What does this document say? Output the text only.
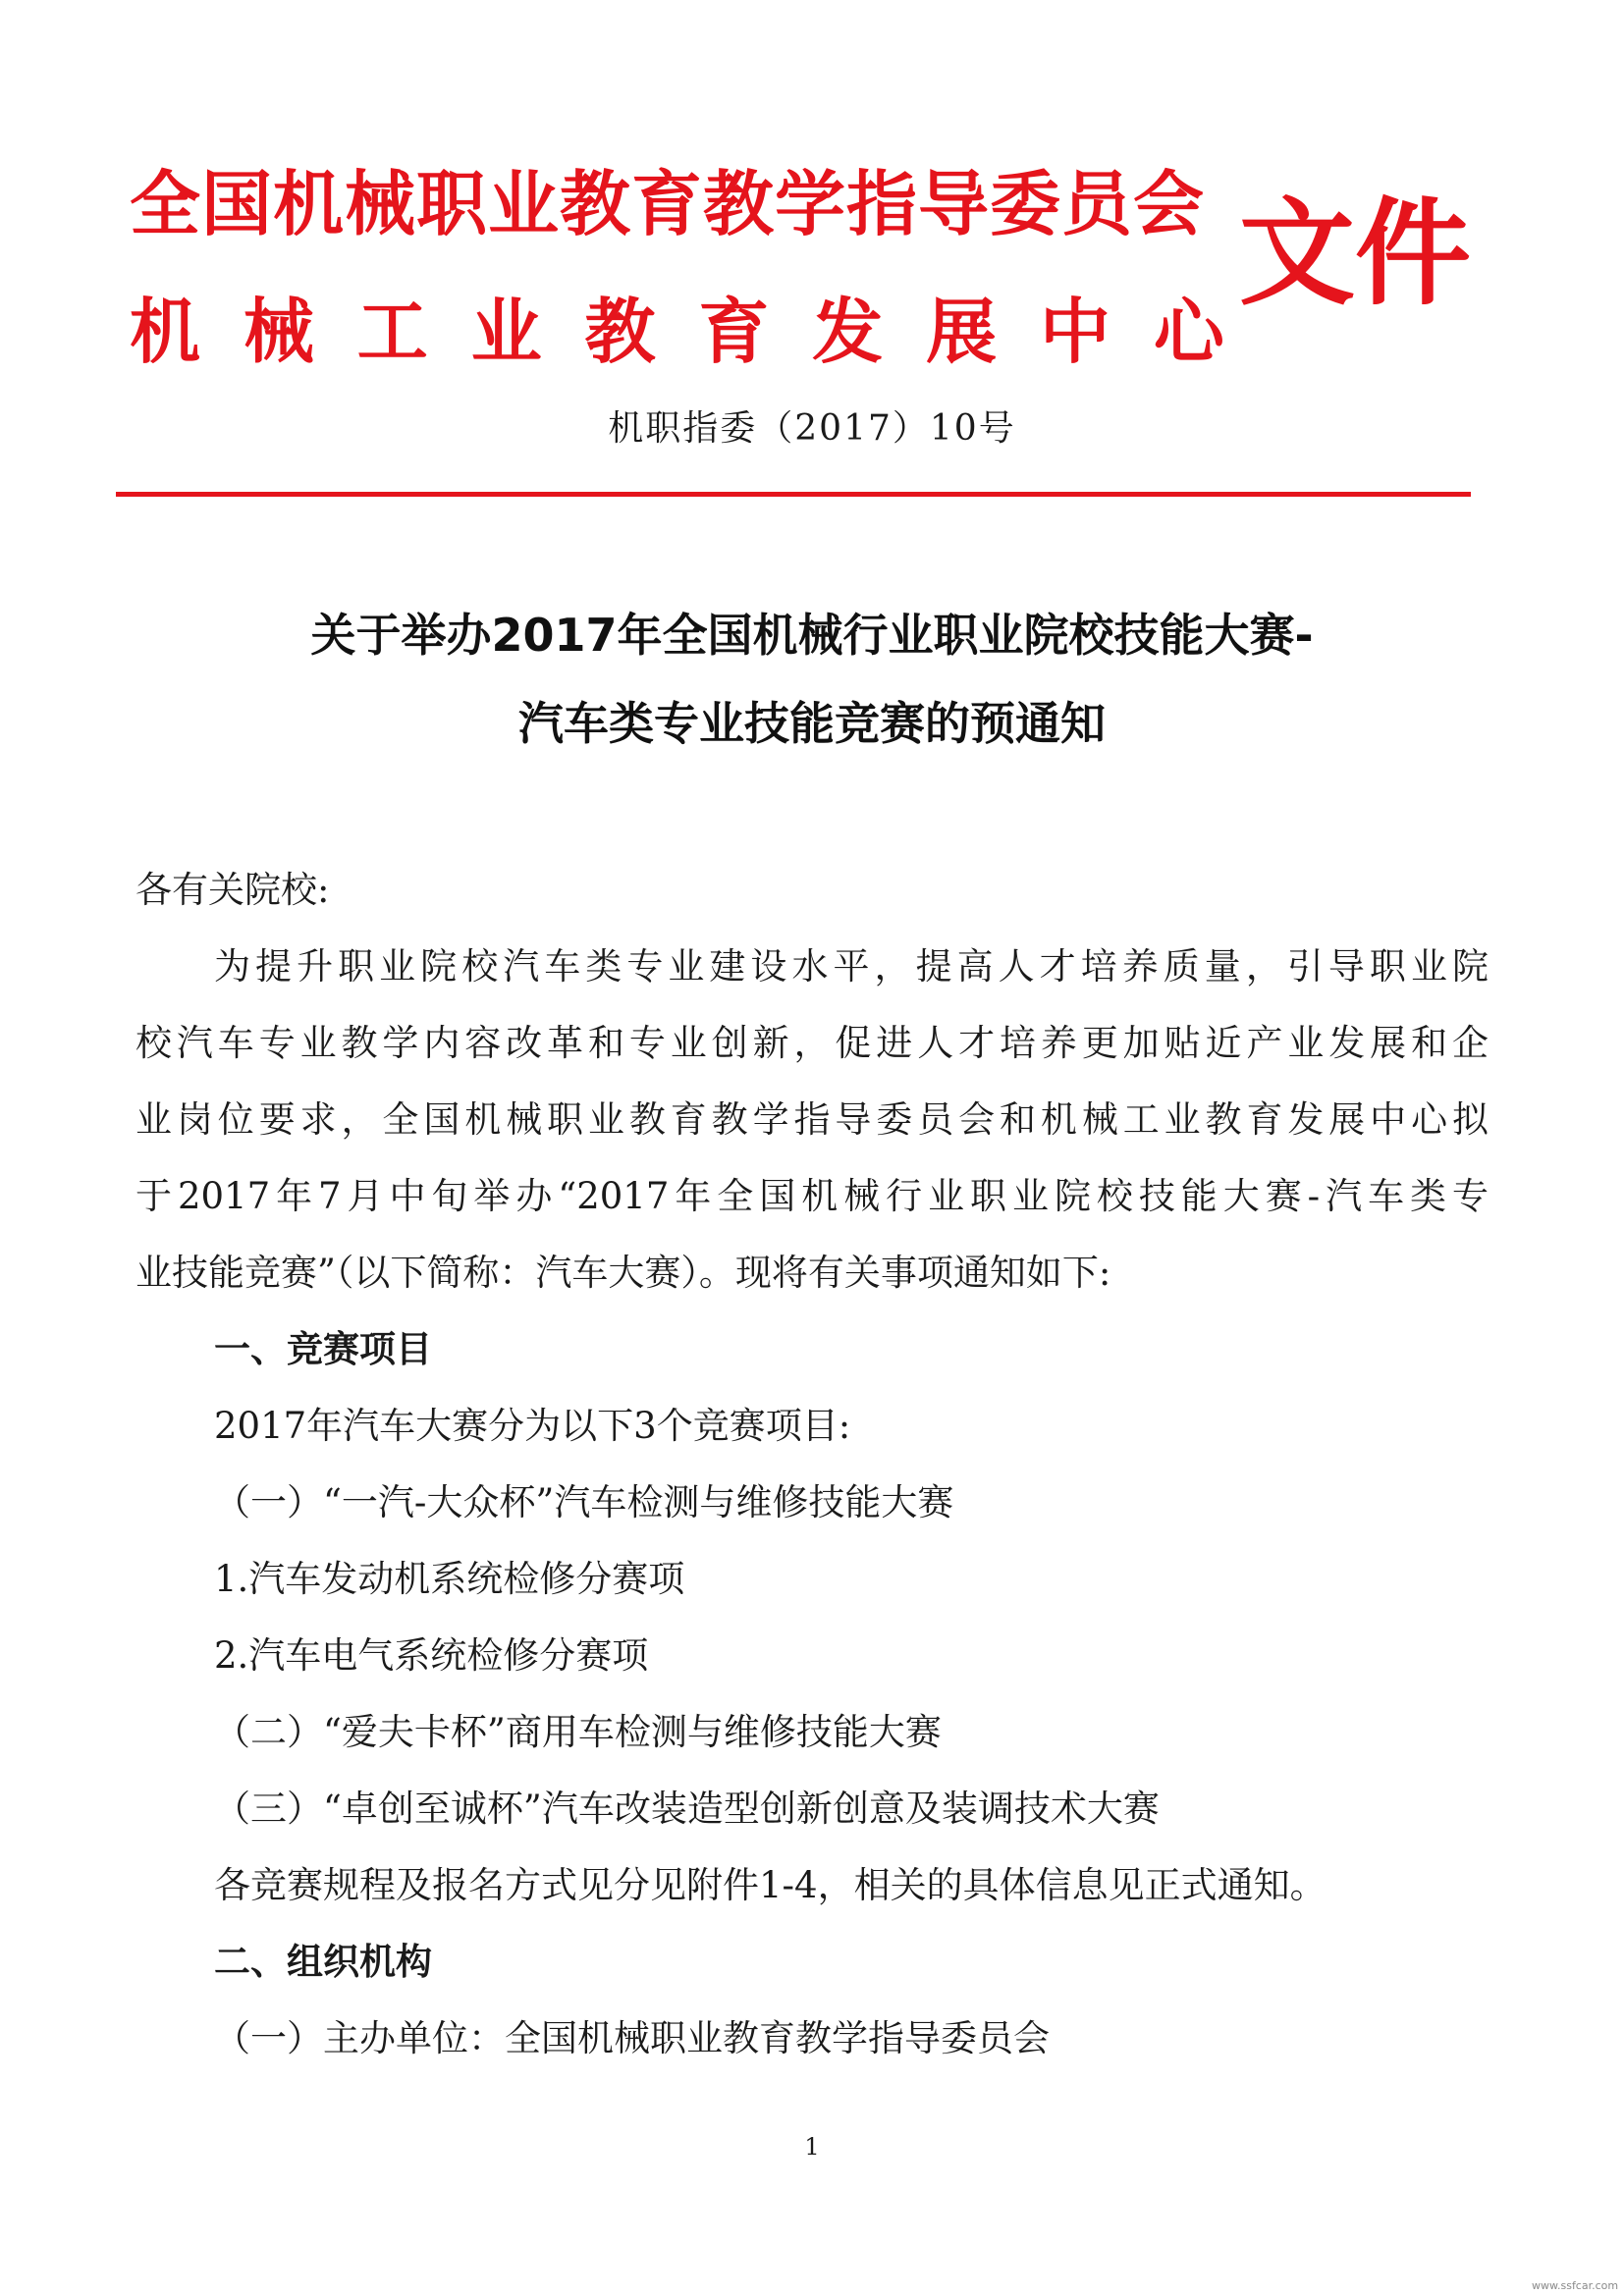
全国机械职业教育教学指导委员会
机 械 工 业 教 育 发 展 中 心
文件
机职指委（2017）10号
关于举办2017年全国机械行业职业院校技能大赛-
汽车类专业技能竞赛的预通知
各有关院校:
为提升职业院校汽车类专业建设水平，提高人才培养质量，引导职业院
校汽车专业教学内容改革和专业创新，促进人才培养更加贴近产业发展和企
业岗位要求，全国机械职业教育教学指导委员会和机械工业教育发展中心拟
于2017年7月中旬举办“2017年全国机械行业职业院校技能大赛-汽车类专
业技能竞赛”（以下简称：汽车大赛）。现将有关事项通知如下:
一、竞赛项目
2017年汽车大赛分为以下3个竞赛项目:
（一）“一汽-大众杯”汽车检测与维修技能大赛
1.汽车发动机系统检修分赛项
2.汽车电气系统检修分赛项
（二）“爱夫卡杯”商用车检测与维修技能大赛
（三）“卓创至诚杯”汽车改装造型创新创意及装调技术大赛
各竞赛规程及报名方式见分见附件1-4，相关的具体信息见正式通知。
二、组织机构
（一）主办单位：全国机械职业教育教学指导委员会
1
www.ssfcar.com
